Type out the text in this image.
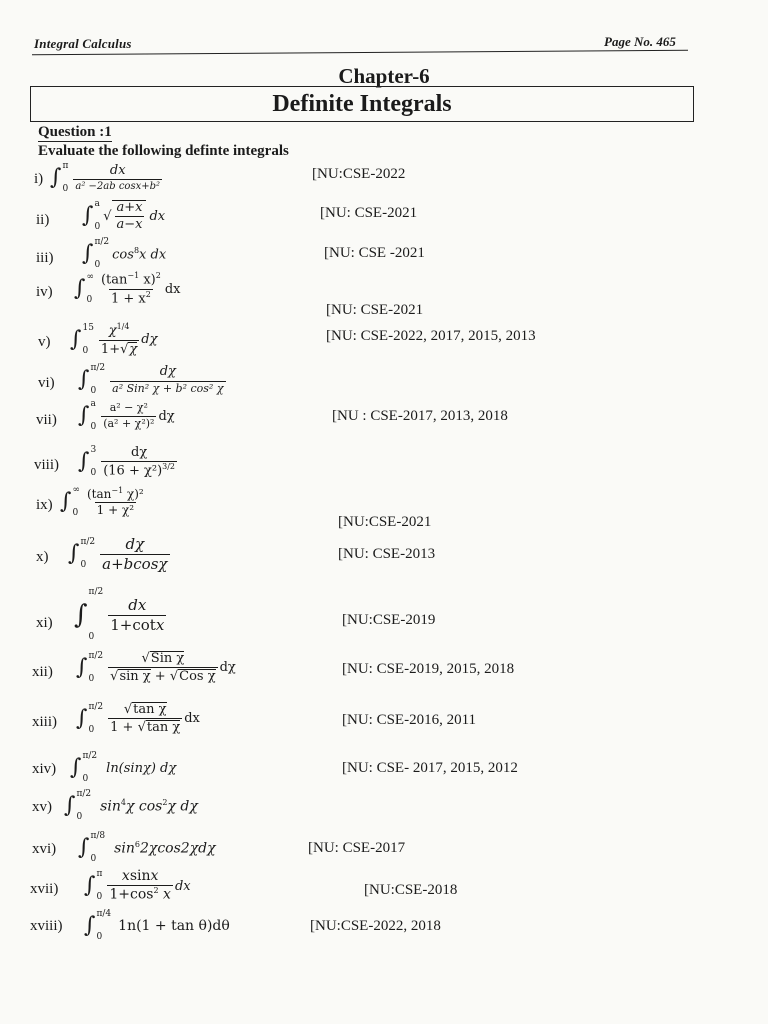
Integral Calculus	Page No. 465
Chapter-6
Definite Integrals
Question :1
Evaluate the following definte integrals
i) ∫ π
$0 \frac{dx}{\text{a² −2ab cosx+b²}}$	[NU:CSE-2022
ii) ∫ a
0
√ $\frac{a+x}{a-x}$ dx	[NU: CSE-2021
iii) ∫ π/2
0
$\cos^8x$ dx	[NU: CSE -2021
iv) ∫ ∞
$0 \frac{(\tan^{-1} x)^2}{1 + x^2}$ dx
[NU: CSE-2021
v) ∫ 15
$0 \frac{\chi^{1/4}}{1+√\chi}$ dχ	[NU: CSE-2022, 2017, 2015, 2013
vi) ∫ π/2
0	$\frac{d\chi}{\text{a² Sin² χ + b² cos² χ}}$
vii) ∫ a
$0 \frac{\text{a² − χ²}}{\text{(a² + χ²)²}}$ dχ	[NU : CSE-2017, 2013, 2018
viii) ∫ 3
$0 \frac{d\chi}{(16 + \chi^2)^{3/2}}$
ix) ∫ ∞
$0 \frac{(\tan^{-1} \chi)^2}{\text{1 + χ²}}$
[NU:CSE-2021
x) ∫ π/2
$0 \frac{d\chi}{a+bcos\chi}$	[NU: CSE-2013
xi) ∫
π/2
0
$\frac{dx}{1+\cot x}$	[NU:CSE-2019
xii) ∫ π/2
0	$\frac{\text{√Sin χ}}{\text{√sin χ + √Cos χ}}$ dχ	[NU: CSE-2019, 2015, 2018
xiii) ∫ π/2
0	$\frac{\text{√tan χ}}{\text{1 + √tan χ}}$ dx	[NU: CSE-2016, 2011
xiv) ∫ π/2
0
ln(sinχ) dχ	[NU: CSE- 2017, 2015, 2012
xv) ∫ π/2
0
$\sin^4\chi$ $\cos^2\chi$ dχ
xvi) ∫ π/8
0
$\sin^62\chi\cos 2\chi d\chi$	[NU: CSE-2017
xvii) ∫ π
$0 \frac{xsinx}{1+\cos^2 x}$ dx	[NU:CSE-2018
xviii) ∫ π/4
0
1n(1 + tan θ)dθ	[NU:CSE-2022, 2018
